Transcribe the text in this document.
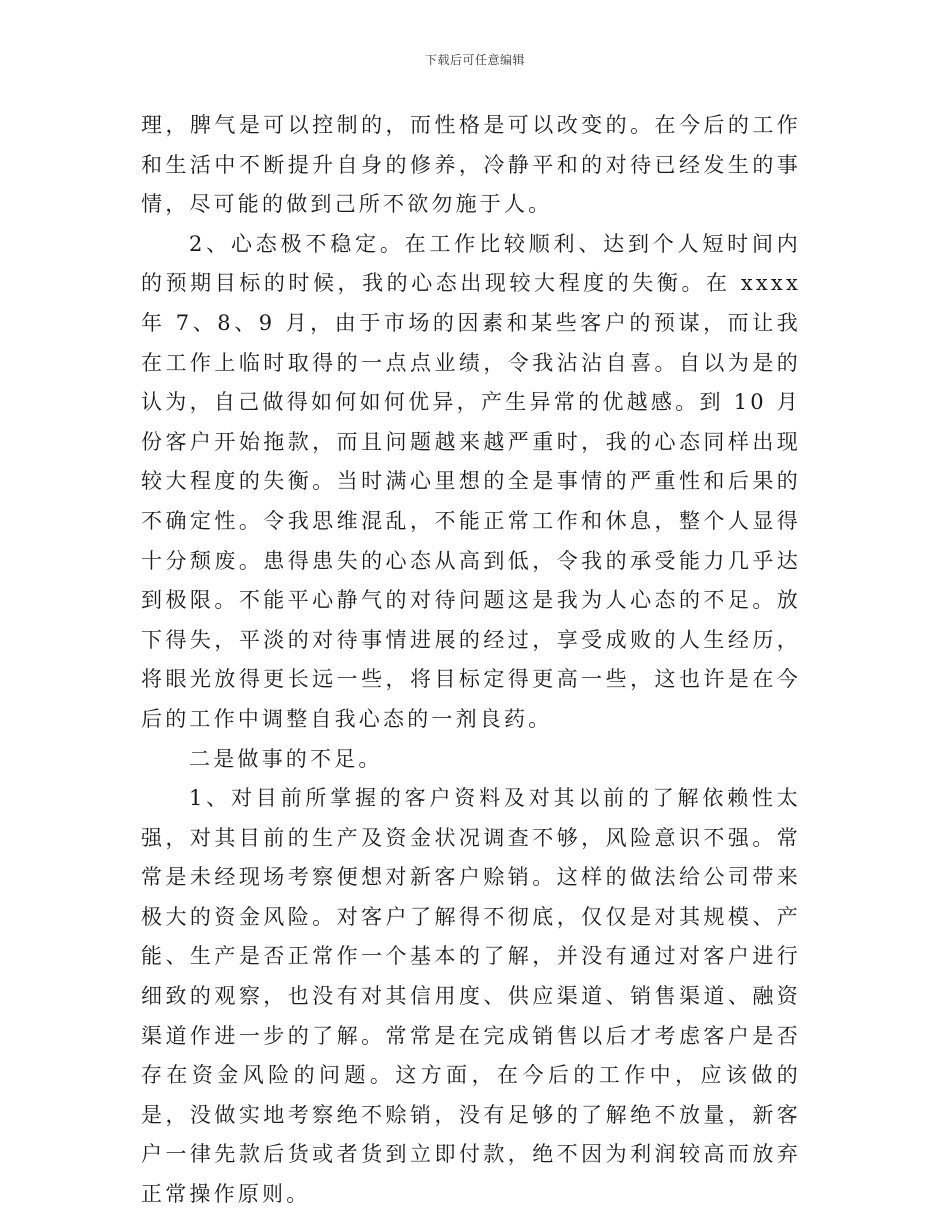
下载后可任意编辑

理，脾气是可以控制的，而性格是可以改变的。在今后的工作和生活中不断提升自身的修养，冷静平和的对待已经发生的事情，尽可能的做到己所不欲勿施于人。

2、心态极不稳定。在工作比较顺利、达到个人短时间内的预期目标的时候，我的心态出现较大程度的失衡。在 xxxx 年 7、8、9 月，由于市场的因素和某些客户的预谋，而让我在工作上临时取得的一点点业绩，令我沾沾自喜。自以为是的认为，自己做得如何如何优异，产生异常的优越感。到 10 月份客户开始拖款，而且问题越来越严重时，我的心态同样出现较大程度的失衡。当时满心里想的全是事情的严重性和后果的不确定性。令我思维混乱，不能正常工作和休息，整个人显得十分颓废。患得患失的心态从高到低，令我的承受能力几乎达到极限。不能平心静气的对待问题这是我为人心态的不足。放下得失，平淡的对待事情进展的经过，享受成败的人生经历，将眼光放得更长远一些，将目标定得更高一些，这也许是在今后的工作中调整自我心态的一剂良药。

二是做事的不足。

1、对目前所掌握的客户资料及对其以前的了解依赖性太强，对其目前的生产及资金状况调查不够，风险意识不强。常常是未经现场考察便想对新客户赊销。这样的做法给公司带来极大的资金风险。对客户了解得不彻底，仅仅是对其规模、产能、生产是否正常作一个基本的了解，并没有通过对客户进行细致的观察，也没有对其信用度、供应渠道、销售渠道、融资渠道作进一步的了解。常常是在完成销售以后才考虑客户是否存在资金风险的问题。这方面，在今后的工作中，应该做的是，没做实地考察绝不赊销，没有足够的了解绝不放量，新客户一律先款后货或者货到立即付款，绝不因为利润较高而放弃正常操作原则。
